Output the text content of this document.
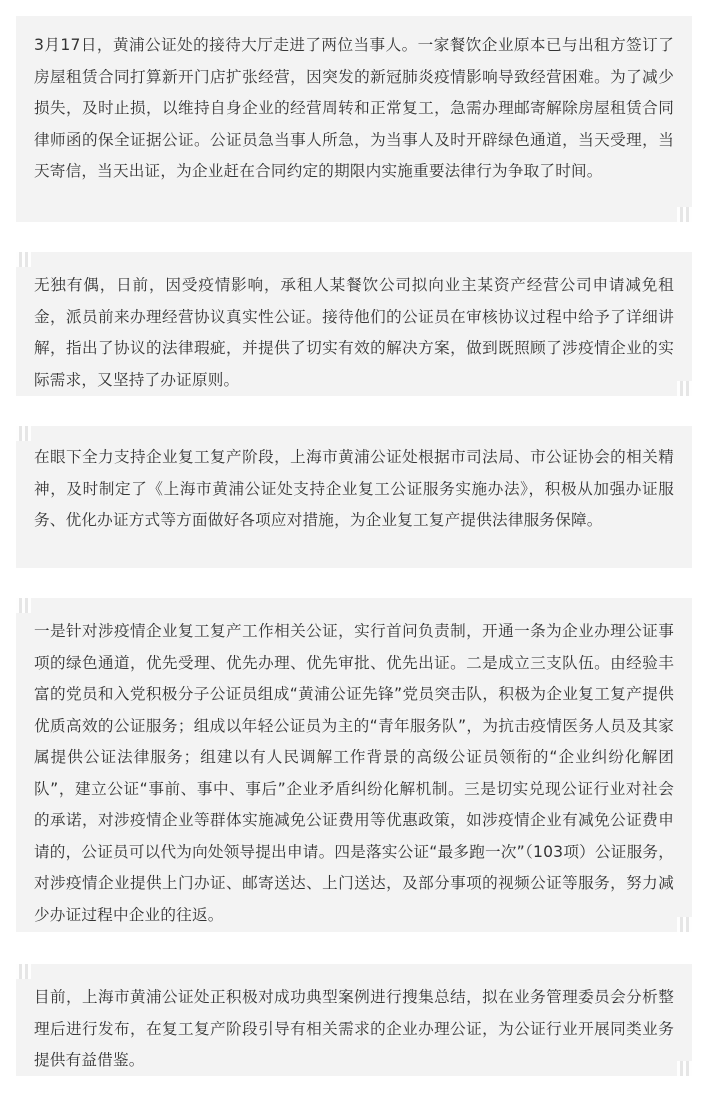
3月17日，黄浦公证处的接待大厅走进了两位当事人。一家餐饮企业原本已与出租方签订了房屋租赁合同打算新开门店扩张经营，因突发的新冠肺炎疫情影响导致经营困难。为了减少损失，及时止损，以维持自身企业的经营周转和正常复工，急需办理邮寄解除房屋租赁合同律师函的保全证据公证。公证员急当事人所急，为当事人及时开辟绿色通道，当天受理，当天寄信，当天出证，为企业赶在合同约定的期限内实施重要法律行为争取了时间。

无独有偶，日前，因受疫情影响，承租人某餐饮公司拟向业主某资产经营公司申请减免租金，派员前来办理经营协议真实性公证。接待他们的公证员在审核协议过程中给予了详细讲解，指出了协议的法律瑕疵，并提供了切实有效的解决方案，做到既照顾了涉疫情企业的实际需求，又坚持了办证原则。

在眼下全力支持企业复工复产阶段，上海市黄浦公证处根据市司法局、市公证协会的相关精神，及时制定了《上海市黄浦公证处支持企业复工公证服务实施办法》，积极从加强办证服务、优化办证方式等方面做好各项应对措施，为企业复工复产提供法律服务保障。

一是针对涉疫情企业复工复产工作相关公证，实行首问负责制，开通一条为企业办理公证事项的绿色通道，优先受理、优先办理、优先审批、优先出证。二是成立三支队伍。由经验丰富的党员和入党积极分子公证员组成“黄浦公证先锋”党员突击队，积极为企业复工复产提供优质高效的公证服务；组成以年轻公证员为主的“青年服务队”，为抗击疫情医务人员及其家属提供公证法律服务；组建以有人民调解工作背景的高级公证员领衔的“企业纠纷化解团队”，建立公证“事前、事中、事后”企业矛盾纠纷化解机制。三是切实兑现公证行业对社会的承诺，对涉疫情企业等群体实施减免公证费用等优惠政策，如涉疫情企业有减免公证费申请的，公证员可以代为向处领导提出申请。四是落实公证“最多跑一次”（103项）公证服务，对涉疫情企业提供上门办证、邮寄送达、上门送达，及部分事项的视频公证等服务，努力减少办证过程中企业的往返。

目前，上海市黄浦公证处正积极对成功典型案例进行搜集总结，拟在业务管理委员会分析整理后进行发布，在复工复产阶段引导有相关需求的企业办理公证，为公证行业开展同类业务提供有益借鉴。
